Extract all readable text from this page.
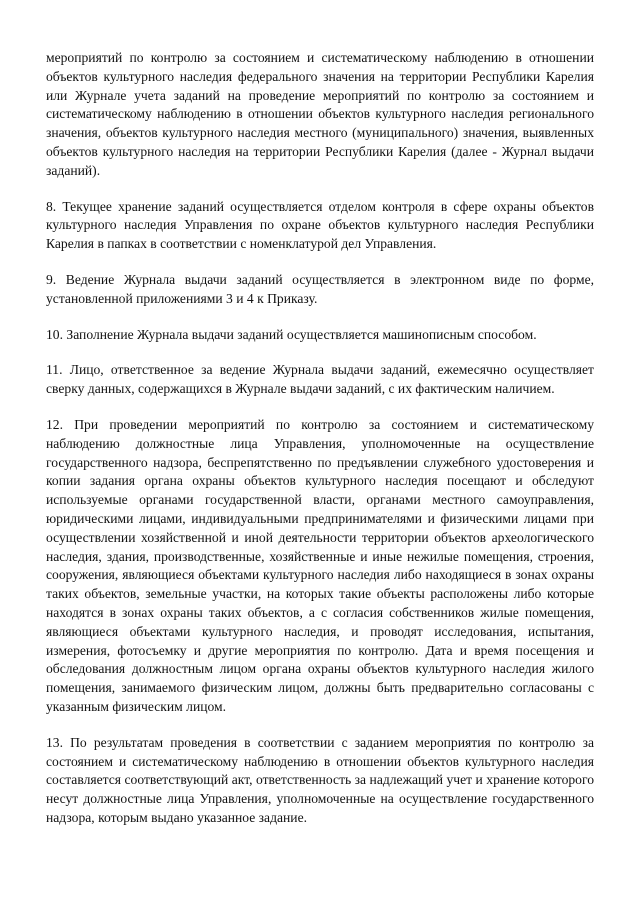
мероприятий по контролю за состоянием и систематическому наблюдению в отношении объектов культурного наследия федерального значения на территории Республики Карелия или Журнале учета заданий на проведение мероприятий по контролю за состоянием и систематическому наблюдению в отношении объектов культурного наследия регионального значения, объектов культурного наследия местного (муниципального) значения, выявленных объектов культурного наследия на территории Республики Карелия (далее - Журнал выдачи заданий).

8. Текущее хранение заданий осуществляется отделом контроля в сфере охраны объектов культурного наследия Управления по охране объектов культурного наследия Республики Карелия в папках в соответствии с номенклатурой дел Управления.

9. Ведение Журнала выдачи заданий осуществляется в электронном виде по форме, установленной приложениями 3 и 4 к Приказу.

10. Заполнение Журнала выдачи заданий осуществляется машинописным способом.

11. Лицо, ответственное за ведение Журнала выдачи заданий, ежемесячно осуществляет сверку данных, содержащихся в Журнале выдачи заданий, с их фактическим наличием.

12. При проведении мероприятий по контролю за состоянием и систематическому наблюдению должностные лица Управления, уполномоченные на осуществление государственного надзора, беспрепятственно по предъявлении служебного удостоверения и копии задания органа охраны объектов культурного наследия посещают и обследуют используемые органами государственной власти, органами местного самоуправления, юридическими лицами, индивидуальными предпринимателями и физическими лицами при осуществлении хозяйственной и иной деятельности территории объектов археологического наследия, здания, производственные, хозяйственные и иные нежилые помещения, строения, сооружения, являющиеся объектами культурного наследия либо находящиеся в зонах охраны таких объектов, земельные участки, на которых такие объекты расположены либо которые находятся в зонах охраны таких объектов, а с согласия собственников жилые помещения, являющиеся объектами культурного наследия, и проводят исследования, испытания, измерения, фотосъемку и другие мероприятия по контролю. Дата и время посещения и обследования должностным лицом органа охраны объектов культурного наследия жилого помещения, занимаемого физическим лицом, должны быть предварительно согласованы с указанным физическим лицом.

13. По результатам проведения в соответствии с заданием мероприятия по контролю за состоянием и систематическому наблюдению в отношении объектов культурного наследия составляется соответствующий акт, ответственность за надлежащий учет и хранение которого несут должностные лица Управления, уполномоченные на осуществление государственного надзора, которым выдано указанное задание.
